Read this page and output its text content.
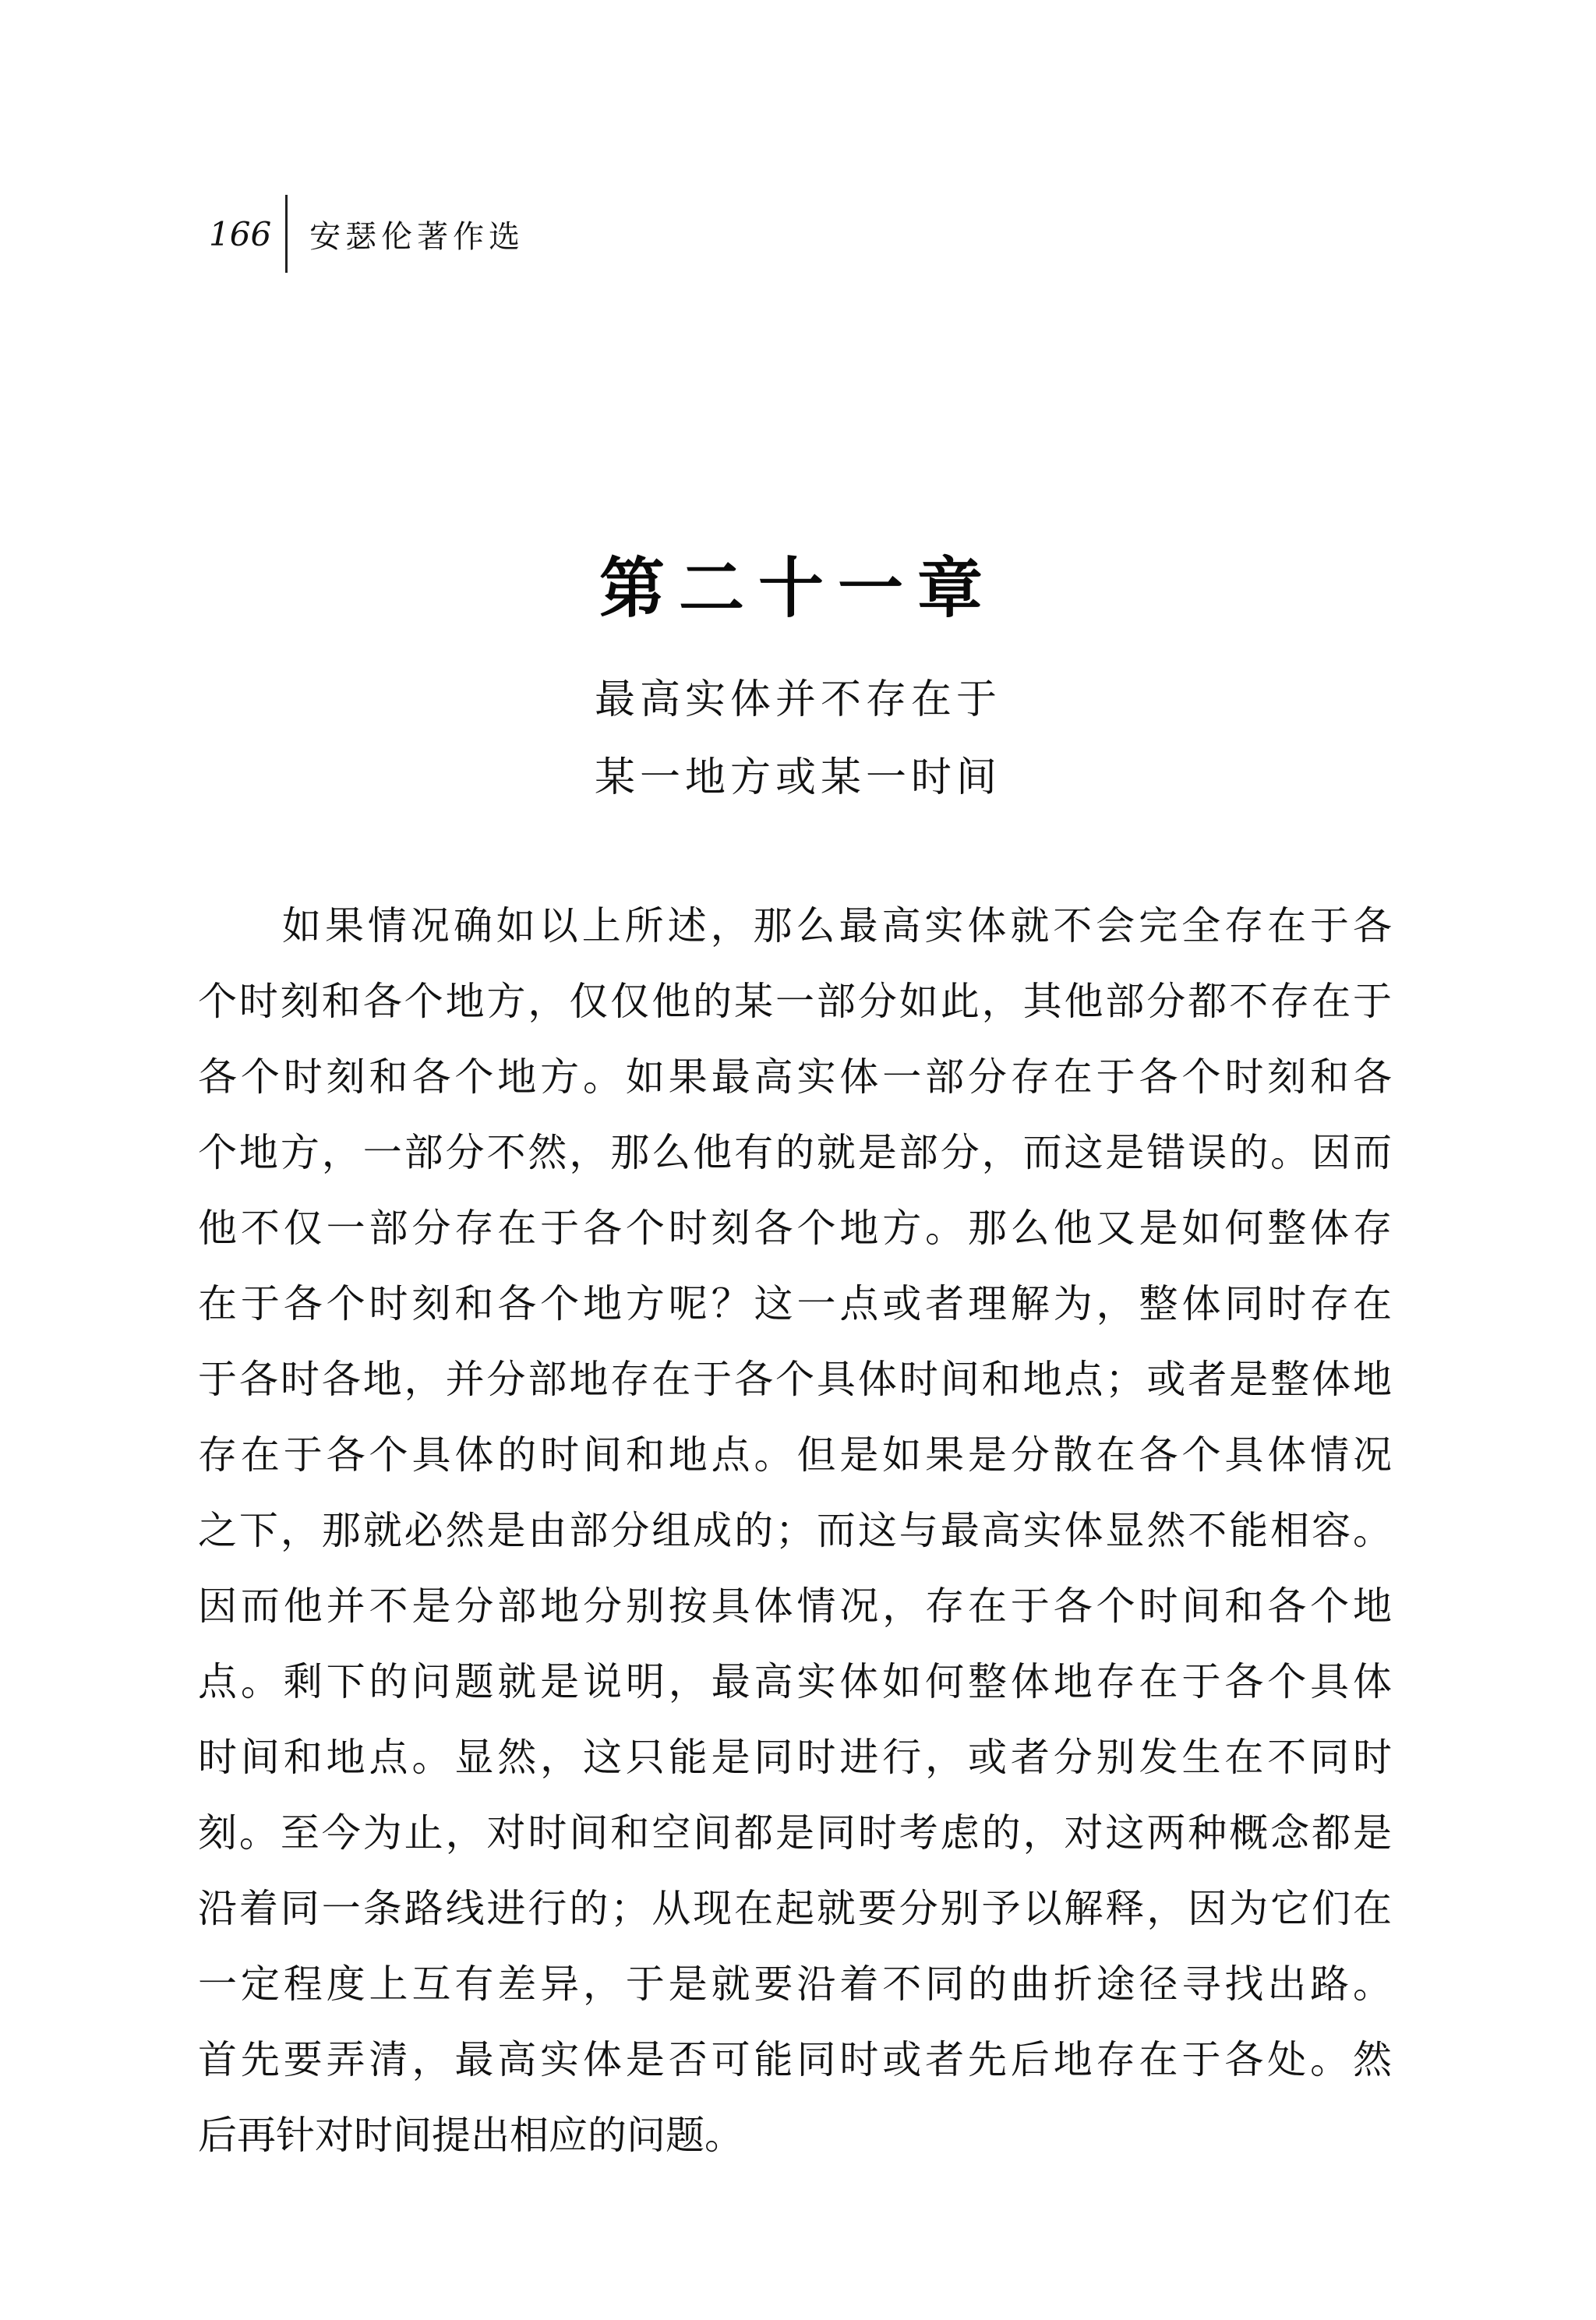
166 安瑟伦著作选
第二十一章
最高实体并不存在于
某一地方或某一时间
如果情况确如以上所述，那么最高实体就不会完全存在于各
个时刻和各个地方，仅仅他的某一部分如此，其他部分都不存在于
各个时刻和各个地方。如果最高实体一部分存在于各个时刻和各
个地方，一部分不然，那么他有的就是部分，而这是错误的。因而
他不仅一部分存在于各个时刻各个地方。那么他又是如何整体存
在于各个时刻和各个地方呢？这一点或者理解为，整体同时存在
于各时各地，并分部地存在于各个具体时间和地点；或者是整体地
存在于各个具体的时间和地点。但是如果是分散在各个具体情况
之下，那就必然是由部分组成的；而这与最高实体显然不能相容。
因而他并不是分部地分别按具体情况，存在于各个时间和各个地
点。剩下的问题就是说明，最高实体如何整体地存在于各个具体
时间和地点。显然，这只能是同时进行，或者分别发生在不同时
刻。至今为止，对时间和空间都是同时考虑的，对这两种概念都是
沿着同一条路线进行的；从现在起就要分别予以解释，因为它们在
一定程度上互有差异，于是就要沿着不同的曲折途径寻找出路。
首先要弄清，最高实体是否可能同时或者先后地存在于各处。然
后再针对时间提出相应的问题。
